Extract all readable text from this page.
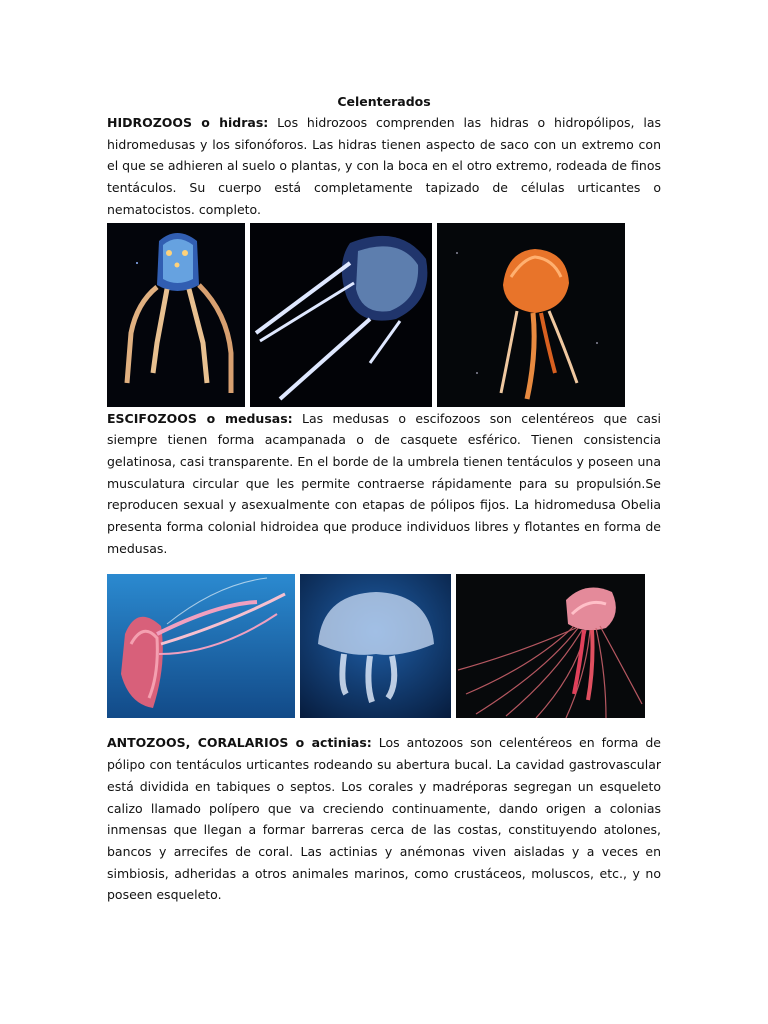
Celenterados

HIDROZOOS o hidras: Los hidrozoos comprenden las hidras o hidropólipos, las hidromedusas y los sifonóforos. Las hidras tienen aspecto de saco con un extremo con el que se adhieren al suelo o plantas, y con la boca en el otro extremo, rodeada de finos tentáculos. Su cuerpo está completamente tapizado de células urticantes o nematocistos. completo.

ESCIFOZOOS o medusas: Las medusas o escifozoos son celentéreos que casi siempre tienen forma acampanada o de casquete esférico. Tienen consistencia gelatinosa, casi transparente. En el borde de la umbrela tienen tentáculos y poseen una musculatura circular que les permite contraerse rápidamente para su propulsión.Se reproducen sexual y asexualmente con etapas de pólipos fijos. La hidromedusa Obelia presenta forma colonial hidroidea que produce individuos libres y flotantes en forma de medusas.

ANTOZOOS, CORALARIOS o actinias: Los antozoos son celentéreos en forma de pólipo con tentáculos urticantes rodeando su abertura bucal. La cavidad gastrovascular está dividida en tabiques o septos. Los corales y madréporas segregan un esqueleto calizo llamado polípero que va creciendo continuamente, dando origen a colonias inmensas que llegan a formar barreras cerca de las costas, constituyendo atolones, bancos y arrecifes de coral. Las actinias y anémonas viven aisladas y a veces en simbiosis, adheridas a otros animales marinos, como crustáceos, moluscos, etc., y no poseen esqueleto.
